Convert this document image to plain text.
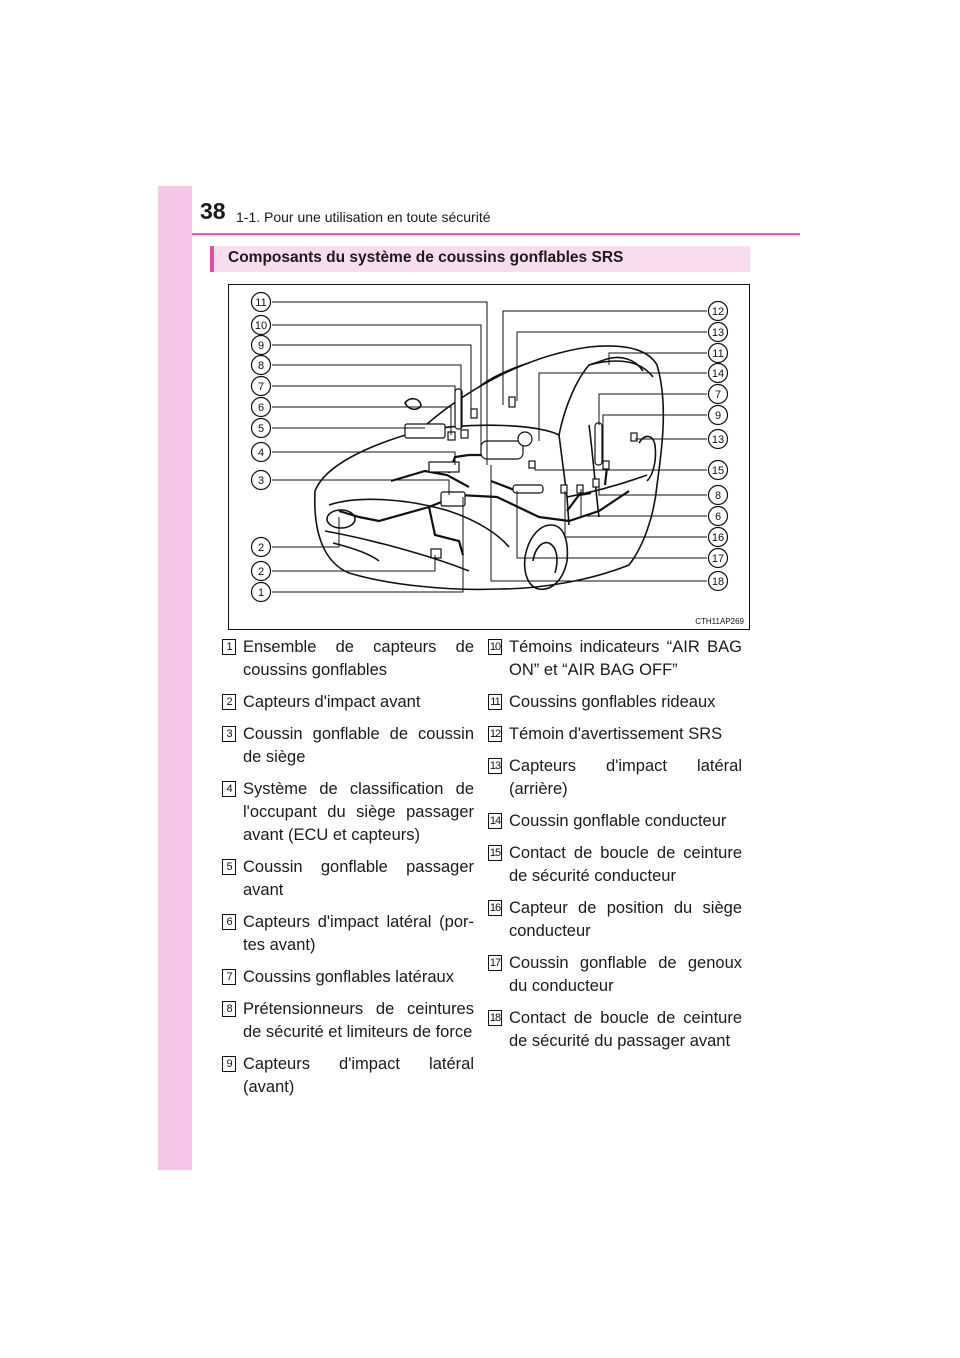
38 1-1. Pour une utilisation en toute sécurité
Composants du système de coussins gonflables SRS
11
10
9
8
7
6
5
4
3
2
2
1
12
13
11
14
7
9
13
15
8
6
16
17
18
CTH11AP269
1 Ensemble de capteurs de coussins gonflables
2 Capteurs d'impact avant
3 Coussin gonflable de coussin de siège
4 Système de classification de l'occupant du siège passager avant (ECU et capteurs)
5 Coussin gonflable passager avant
6 Capteurs d'impact latéral (por-tes avant)
7 Coussins gonflables latéraux
8 Prétensionneurs de ceintures de sécurité et limiteurs de force
9 Capteurs d'impact latéral (avant)
10 Témoins indicateurs “AIR BAG ON” et “AIR BAG OFF”
11 Coussins gonflables rideaux
12 Témoin d'avertissement SRS
13 Capteurs d'impact latéral (arrière)
14 Coussin gonflable conducteur
15 Contact de boucle de ceinture de sécurité conducteur
16 Capteur de position du siège conducteur
17 Coussin gonflable de genoux du conducteur
18 Contact de boucle de ceinture de sécurité du passager avant
